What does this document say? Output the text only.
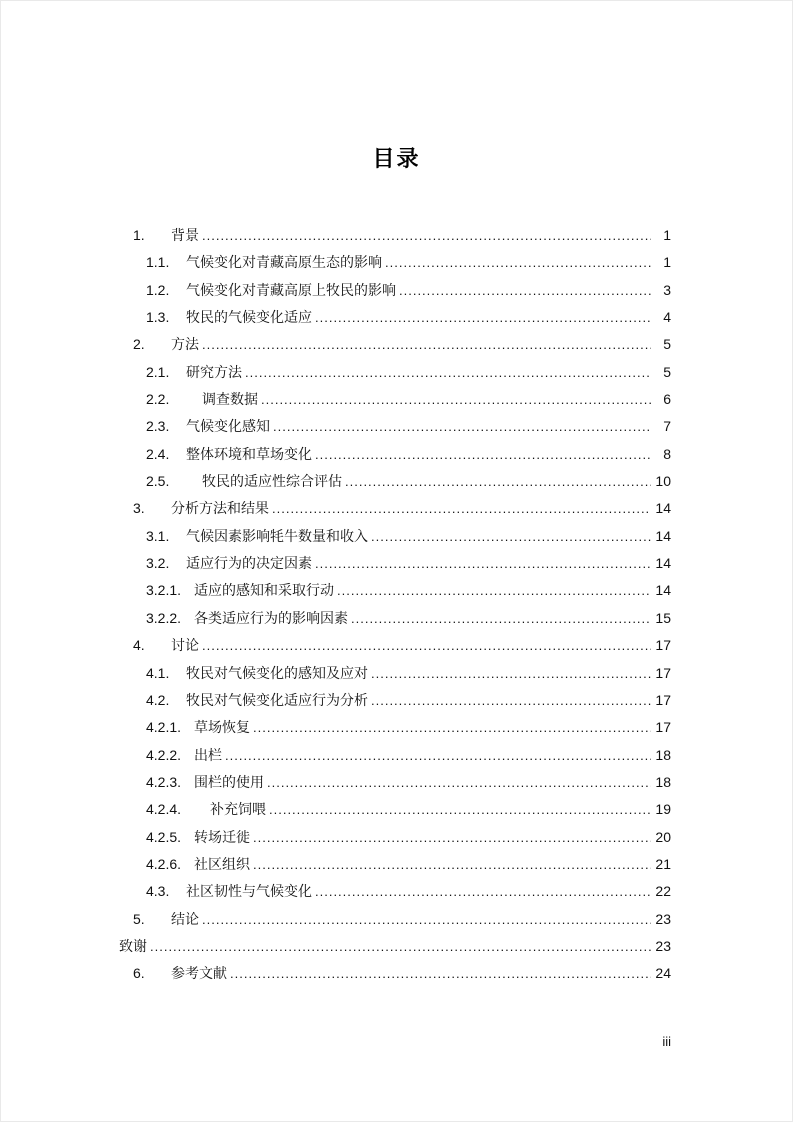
目录
1.	背景 .....	1
1.1.	气候变化对青藏高原生态的影响 .....	1
1.2.	气候变化对青藏高原上牧民的影响 .....	3
1.3.	牧民的气候变化适应 .....	4
2.	方法 .....	5
2.1.	研究方法 .....	5
2.2.	调查数据 .....	6
2.3.	气候变化感知 .....	7
2.4.	整体环境和草场变化 .....	8
2.5.	牧民的适应性综合评估 .....	10
3.	分析方法和结果 .....	14
3.1.	气候因素影响牦牛数量和收入 .....	14
3.2.	适应行为的决定因素 .....	14
3.2.1. 适应的感知和采取行动 .....	14
3.2.2. 各类适应行为的影响因素 .....	15
4.	讨论 .....	17
4.1.	牧民对气候变化的感知及应对 .....	17
4.2.	牧民对气候变化适应行为分析 .....	17
4.2.1. 草场恢复 .....	17
4.2.2. 出栏 .....	18
4.2.3. 围栏的使用 .....	18
4.2.4.	补充饲喂 .....	19
4.2.5. 转场迁徙 .....	20
4.2.6. 社区组织 .....	21
4.3.	社区韧性与气候变化 .....	22
5.	结论 .....	23
致谢 .....	23
6.	参考文献 .....	24
iii
